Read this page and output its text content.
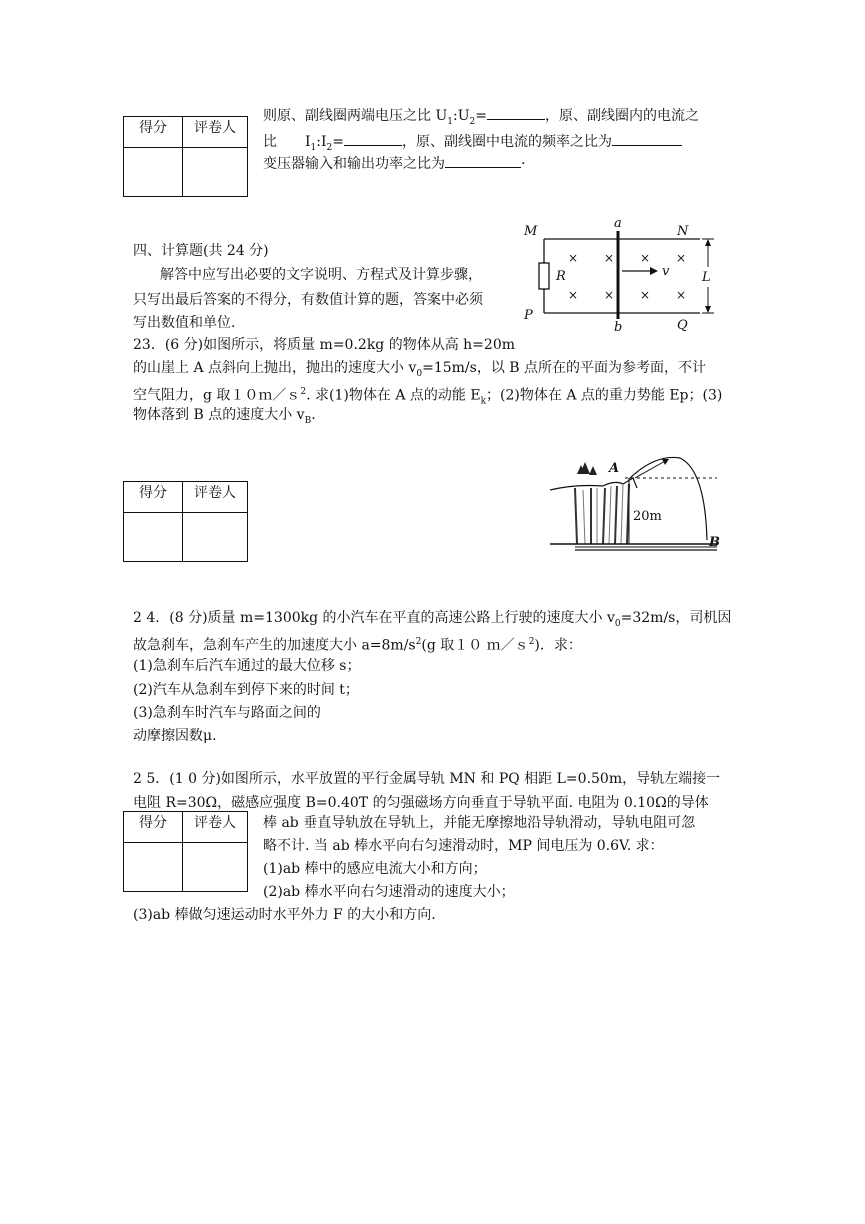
得分	评卷人

则原、副线圈两端电压之比 $U_1:U_2=$	，原、副线圈内的电流之
比　　$I_1:I_2=$	，原、副线圈中电流的频率之比为
变压器输入和输出功率之比为	·
四、计算题(共 24 分)
解答中应写出必要的文字说明、方程式及计算步骤，
只写出最后答案的不得分，有数值计算的题，答案中必须
写出数值和单位.
M
a
N
P
b	Q
R	v	L
× × × ×
× × × ×
23．(6 分)如图所示，将质量 m=0.2kg 的物体从高 h=20m
的山崖上 A 点斜向上抛出，抛出的速度大小 $v_0=15m/s$，以 B 点所在的平面为参考面，不计
空气阻力，g 取１０ｍ／ｓ$^2$. 求(1)物体在 A 点的动能 $E_k$；(2)物体在 A 点的重力势能 Ep；(3)
物体落到 B 点的速度大小 $v_B$.
得分	评卷人

A
B
20m
2 4．(8 分)质量 m=1300kg 的小汽车在平直的高速公路上行驶的速度大小 $v_0=32m/s$，司机因
故急刹车，急刹车产生的加速度大小 $a=8m/s^2(g$ 取１０ ｍ／ｓ$^2$)．求：
(1)急刹车后汽车通过的最大位移 s；
(2)汽车从急刹车到停下来的时间 t；
(3)急刹车时汽车与路面之间的
动摩擦因数μ.
2 5．(1 0 分)如图所示，水平放置的平行金属导轨 MN 和 PQ 相距 L=0.50m，导轨左端接一
电阻 R=30Ω，磁感应强度 B=0.40T 的匀强磁场方向垂直于导轨平面. 电阻为 0.10Ω的导体
得分	评卷人
	棒 ab 垂直导轨放在导轨上，并能无摩擦地沿导轨滑动，导轨电阻可忽
略不计. 当 ab 棒水平向右匀速滑动时，MP 间电压为 0.6V. 求：
(1)ab 棒中的感应电流大小和方向；
(2)ab 棒水平向右匀速滑动的速度大小；
(3)ab 棒做匀速运动时水平外力 F 的大小和方向.
